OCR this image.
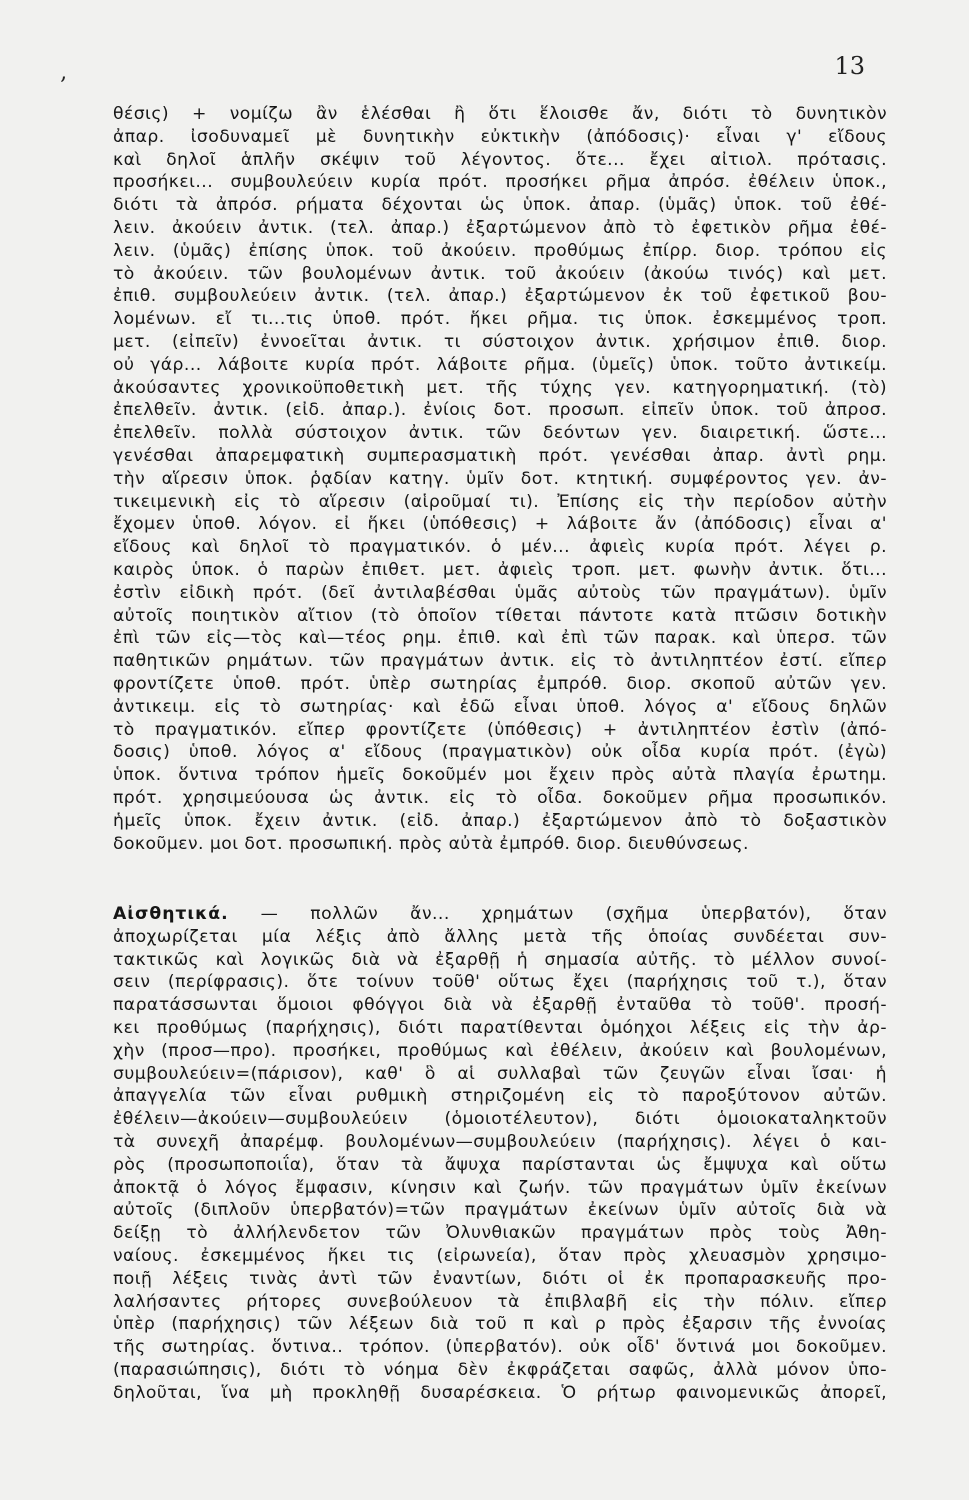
‚	13
θέσις) + νομίζω ἂν ἑλέσθαι ἢ ὅτι ἕλοισθε ἄν, διότι τὸ δυνητικὸν
ἀπαρ. ἰσοδυναμεῖ μὲ δυνητικὴν εὐκτικὴν (ἀπόδοσις)· εἶναι γ' εἴδους
καὶ δηλοῖ ἁπλῆν σκέψιν τοῦ λέγοντος. ὅτε... ἔχει αἰτιολ. πρότασις.
προσήκει... συμβουλεύειν κυρία πρότ. προσήκει ρῆμα ἀπρόσ. ἐθέλειν ὑποκ.,
διότι τὰ ἀπρόσ. ρήματα δέχονται ὡς ὑποκ. ἀπαρ. (ὑμᾶς) ὑποκ. τοῦ ἐθέ-
λειν. ἀκούειν ἀντικ. (τελ. ἀπαρ.) ἐξαρτώμενον ἀπὸ τὸ ἐφετικὸν ρῆμα ἐθέ-
λειν. (ὑμᾶς) ἐπίσης ὑποκ. τοῦ ἀκούειν. προθύμως ἐπίρρ. διορ. τρόπου εἰς
τὸ ἀκούειν. τῶν βουλομένων ἀντικ. τοῦ ἀκούειν (ἀκούω τινός) καὶ μετ.
ἐπιθ. συμβουλεύειν ἀντικ. (τελ. ἀπαρ.) ἐξαρτώμενον ἐκ τοῦ ἐφετικοῦ βου-
λομένων. εἴ τι...τις ὑποθ. πρότ. ἥκει ρῆμα. τις ὑποκ. ἐσκεμμένος τροπ.
μετ. (εἰπεῖν) ἐννοεῖται ἀντικ. τι σύστοιχον ἀντικ. χρήσιμον ἐπιθ. διορ.
οὐ γάρ... λάβοιτε κυρία πρότ. λάβοιτε ρῆμα. (ὑμεῖς) ὑποκ. τοῦτο ἀντικείμ.
ἀκούσαντες χρονικοϋποθετικὴ μετ. τῆς τύχης γεν. κατηγορηματική. (τὸ)
ἐπελθεῖν. ἀντικ. (εἰδ. ἀπαρ.). ἐνίοις δοτ. προσωπ. εἰπεῖν ὑποκ. τοῦ ἀπροσ.
ἐπελθεῖν. πολλὰ σύστοιχον ἀντικ. τῶν δεόντων γεν. διαιρετική. ὥστε...
γενέσθαι ἀπαρεμφατικὴ συμπερασματικὴ πρότ. γενέσθαι ἀπαρ. ἀντὶ ρημ.
τὴν αἵρεσιν ὑποκ. ῥᾳδίαν κατηγ. ὑμῖν δοτ. κτητική. συμφέροντος γεν. ἀν-
τικειμενικὴ εἰς τὸ αἵρεσιν (αἱροῦμαί τι). Ἐπίσης εἰς τὴν περίοδον αὐτὴν
ἔχομεν ὑποθ. λόγον. εἰ ἥκει (ὑπόθεσις) + λάβοιτε ἄν (ἀπόδοσις) εἶναι α'
εἴδους καὶ δηλοῖ τὸ πραγματικόν. ὁ μέν... ἀφιεὶς κυρία πρότ. λέγει ρ.
καιρὸς ὑποκ. ὁ παρὼν ἐπιθετ. μετ. ἀφιεὶς τροπ. μετ. φωνὴν ἀντικ. ὅτι...
ἐστὶν εἰδικὴ πρότ. (δεῖ ἀντιλαβέσθαι ὑμᾶς αὐτοὺς τῶν πραγμάτων). ὑμῖν
αὐτοῖς ποιητικὸν αἴτιον (τὸ ὁποῖον τίθεται πάντοτε κατὰ πτῶσιν δοτικὴν
ἐπὶ τῶν εἰς—τὸς καὶ—τέος ρημ. ἐπιθ. καὶ ἐπὶ τῶν παρακ. καὶ ὑπερσ. τῶν
παθητικῶν ρημάτων. τῶν πραγμάτων ἀντικ. εἰς τὸ ἀντιληπτέον ἐστί. εἴπερ
φροντίζετε ὑποθ. πρότ. ὑπὲρ σωτηρίας ἐμπρόθ. διορ. σκοποῦ αὐτῶν γεν.
ἀντικειμ. εἰς τὸ σωτηρίας· καὶ ἐδῶ εἶναι ὑποθ. λόγος α' εἴδους δηλῶν
τὸ πραγματικόν. εἴπερ φροντίζετε (ὑπόθεσις) + ἀντιληπτέον ἐστὶν (ἀπό-
δοσις) ὑποθ. λόγος α' εἴδους (πραγματικὸν) οὐκ οἶδα κυρία πρότ. (ἐγὼ)
ὑποκ. ὅντινα τρόπον ἡμεῖς δοκοῦμέν μοι ἔχειν πρὸς αὐτὰ πλαγία ἐρωτημ.
πρότ. χρησιμεύουσα ὡς ἀντικ. εἰς τὸ οἶδα. δοκοῦμεν ρῆμα προσωπικόν.
ἡμεῖς ὑποκ. ἔχειν ἀντικ. (εἰδ. ἀπαρ.) ἐξαρτώμενον ἀπὸ τὸ δοξαστικὸν
δοκοῦμεν. μοι δοτ. προσωπική. πρὸς αὐτὰ ἐμπρόθ. διορ. διευθύνσεως.
Αἰσθητικά. — πολλῶν ἄν... χρημάτων (σχῆμα ὑπερβατόν), ὅταν
ἀποχωρίζεται μία λέξις ἀπὸ ἄλλης μετὰ τῆς ὁποίας συνδέεται συν-
τακτικῶς καὶ λογικῶς διὰ νὰ ἐξαρθῇ ἡ σημασία αὐτῆς. τὸ μέλλον συνοί-
σειν (περίφρασις). ὅτε τοίνυν τοῦθ' οὕτως ἔχει (παρήχησις τοῦ τ.), ὅταν
παρατάσσωνται ὅμοιοι φθόγγοι διὰ νὰ ἐξαρθῇ ἐνταῦθα τὸ τοῦθ'. προσή-
κει προθύμως (παρήχησις), διότι παρατίθενται ὁμόηχοι λέξεις εἰς τὴν ἀρ-
χὴν (προσ—προ). προσήκει, προθύμως καὶ ἐθέλειν, ἀκούειν καὶ βουλομένων,
συμβουλεύειν=(πάρισον), καθ' ὃ αἱ συλλαβαὶ τῶν ζευγῶν εἶναι ἴσαι· ἡ
ἀπαγγελία τῶν εἶναι ρυθμικὴ στηριζομένη εἰς τὸ παροξύτονον αὐτῶν.
ἐθέλειν—ἀκούειν—συμβουλεύειν (ὁμοιοτέλευτον), διότι ὁμοιοκαταληκτοῦν
τὰ συνεχῆ ἀπαρέμφ. βουλομένων—συμβουλεύειν (παρήχησις). λέγει ὁ και-
ρὸς (προσωποποιΐα), ὅταν τὰ ἄψυχα παρίστανται ὡς ἔμψυχα καὶ οὕτω
ἀποκτᾷ ὁ λόγος ἔμφασιν, κίνησιν καὶ ζωήν. τῶν πραγμάτων ὑμῖν ἐκείνων
αὐτοῖς (διπλοῦν ὑπερβατόν)=τῶν πραγμάτων ἐκείνων ὑμῖν αὐτοῖς διὰ νὰ
δείξῃ τὸ ἀλλήλενδετον τῶν Ὀλυνθιακῶν πραγμάτων πρὸς τοὺς Ἀθη-
ναίους. ἐσκεμμένος ἥκει τις (εἰρωνεία), ὅταν πρὸς χλευασμὸν χρησιμο-
ποιῇ λέξεις τινὰς ἀντὶ τῶν ἐναντίων, διότι οἱ ἐκ προπαρασκευῆς προ-
λαλήσαντες ρήτορες συνεβούλευον τὰ ἐπιβλαβῆ εἰς τὴν πόλιν. εἴπερ
ὑπὲρ (παρήχησις) τῶν λέξεων διὰ τοῦ π καὶ ρ πρὸς ἐξαρσιν τῆς ἐννοίας
τῆς σωτηρίας. ὅντινα.. τρόπον. (ὑπερβατόν). οὐκ οἶδ' ὅντινά μοι δοκοῦμεν.
(παρασιώπησις), διότι τὸ νόημα δὲν ἐκφράζεται σαφῶς, ἀλλὰ μόνον ὑπο-
δηλοῦται, ἵνα μὴ προκληθῇ δυσαρέσκεια. Ὁ ρήτωρ φαινομενικῶς ἀπορεῖ,
